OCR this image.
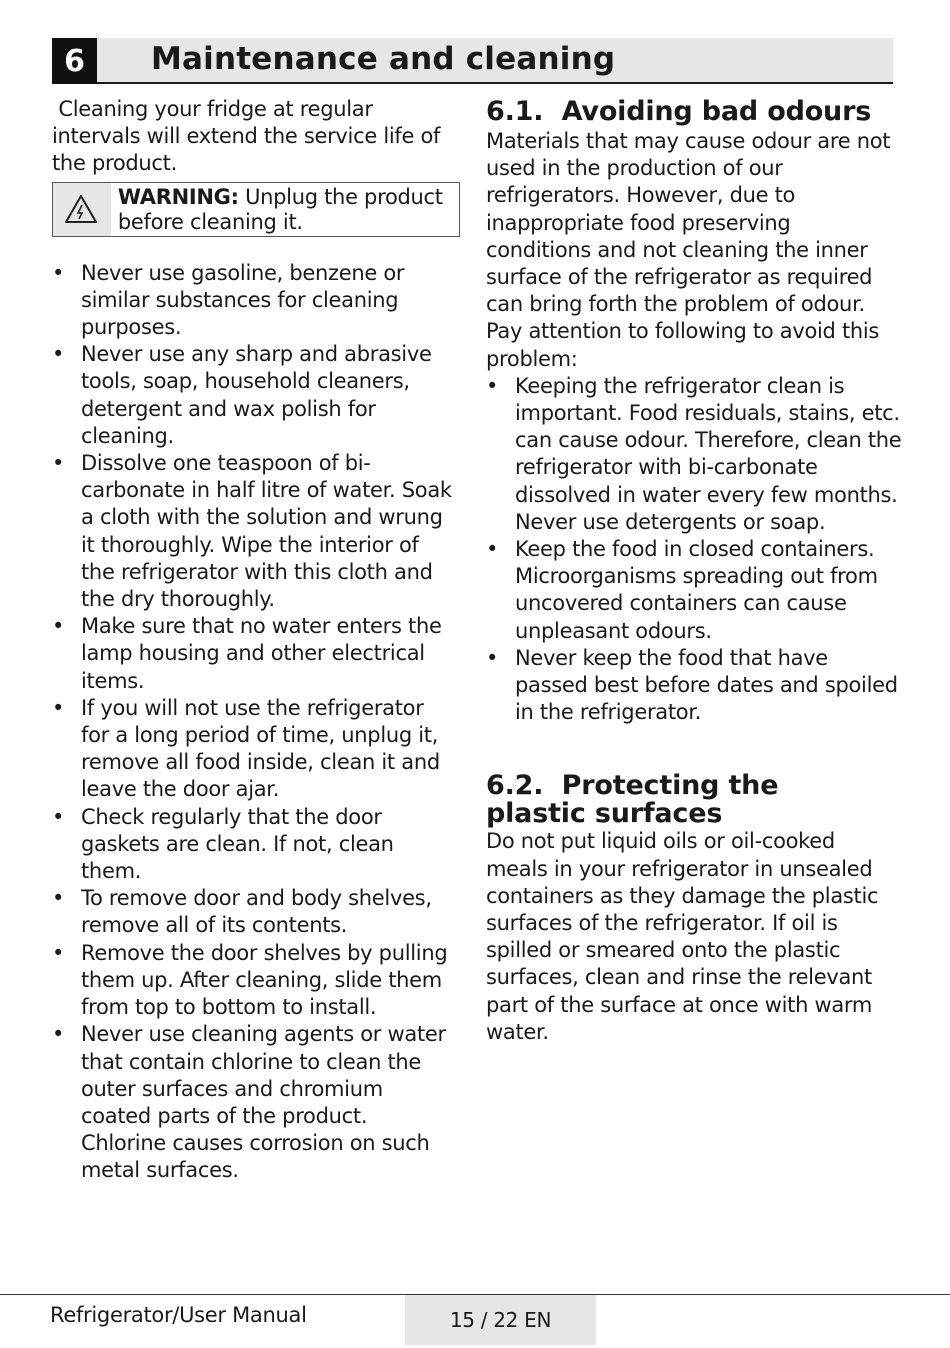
6	Maintenance and cleaning

Cleaning your fridge at regular intervals will extend the service life of the product.

WARNING: Unplug the product before cleaning it.
• Never use gasoline, benzene or similar substances for cleaning purposes.
• Never use any sharp and abrasive tools, soap, household cleaners, detergent and wax polish for cleaning.
• Dissolve one teaspoon of bi-carbonate in half litre of water. Soak a cloth with the solution and wrung it thoroughly. Wipe the interior of the refrigerator with this cloth and the dry thoroughly.
• Make sure that no water enters the lamp housing and other electrical items.
• If you will not use the refrigerator for a long period of time, unplug it, remove all food inside, clean it and leave the door ajar.
• Check regularly that the door gaskets are clean. If not, clean them.
• To remove door and body shelves, remove all of its contents.
• Remove the door shelves by pulling them up. After cleaning, slide them from top to bottom to install.
• Never use cleaning agents or water that contain chlorine to clean the outer surfaces and chromium coated parts of the product. Chlorine causes corrosion on such metal surfaces.
6.1.  Avoiding bad odours

Materials that may cause odour are not used in the production of our refrigerators. However, due to inappropriate food preserving conditions and not cleaning the inner surface of the refrigerator as required can bring forth the problem of odour. Pay attention to following to avoid this problem:

• Keeping the refrigerator clean is important. Food residuals, stains, etc. can cause odour. Therefore, clean the refrigerator with bi-carbonate dissolved in water every few months. Never use detergents or soap.
• Keep the food in closed containers. Microorganisms spreading out from uncovered containers can cause unpleasant odours.
• Never keep the food that have passed best before dates and spoiled in the refrigerator.
6.2.  Protecting the
plastic surfaces

Do not put liquid oils or oil-cooked meals in your refrigerator in unsealed containers as they damage the plastic surfaces of the refrigerator. If oil is spilled or smeared onto the plastic surfaces, clean and rinse the relevant part of the surface at once with warm water.

Refrigerator/User Manual	15 / 22 EN
